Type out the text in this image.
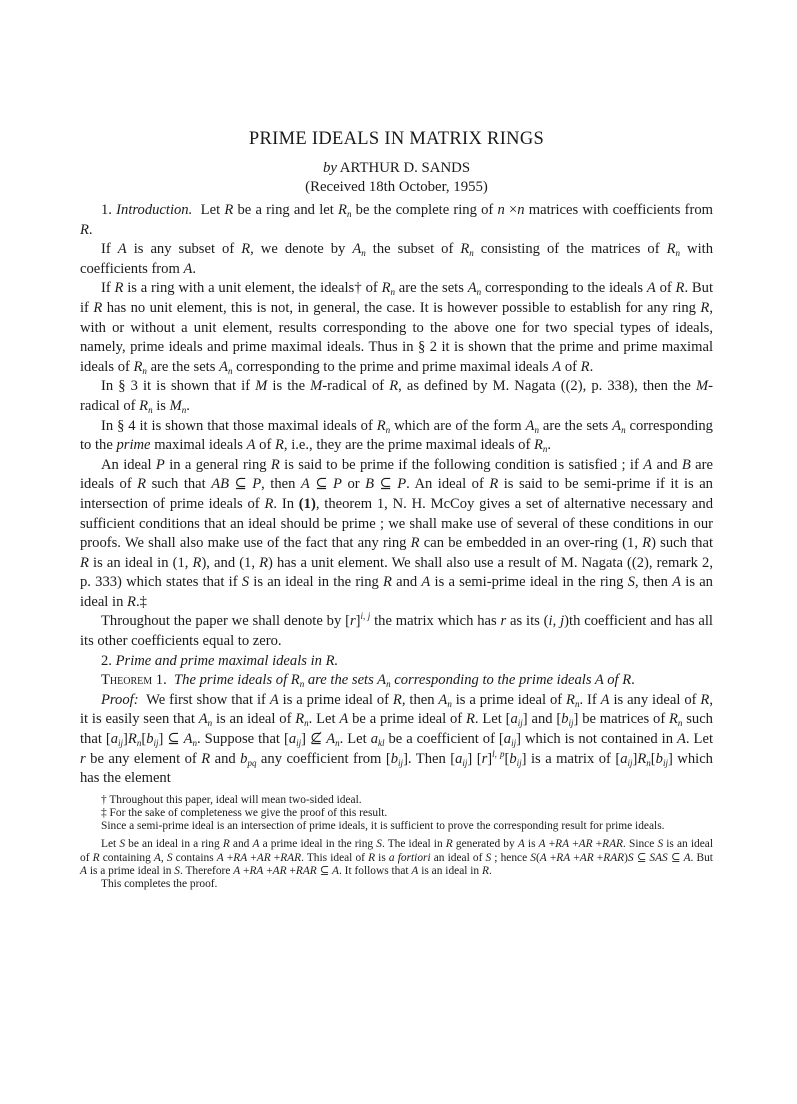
PRIME IDEALS IN MATRIX RINGS
by ARTHUR D. SANDS
(Received 18th October, 1955)

1. Introduction.  Let R be a ring and let $R_n$ be the complete ring of n ×n matrices with coefficients from R.

If A is any subset of R, we denote by $A_n$ the subset of $R_n$ consisting of the matrices of $R_n$ with coefficients from A.

If R is a ring with a unit element, the ideals† of $R_n$ are the sets $A_n$ corresponding to the ideals A of R. But if R has no unit element, this is not, in general, the case. It is however possible to establish for any ring R, with or without a unit element, results corresponding to the above one for two special types of ideals, namely, prime ideals and prime maximal ideals. Thus in § 2 it is shown that the prime and prime maximal ideals of $R_n$ are the sets $A_n$ corresponding to the prime and prime maximal ideals A of R.

In § 3 it is shown that if M is the M-radical of R, as defined by M. Nagata ((2), p. 338), then the M-radical of $R_n$ is $M_n$.

In § 4 it is shown that those maximal ideals of $R_n$ which are of the form $A_n$ are the sets $A_n$ corresponding to the prime maximal ideals A of R, i.e., they are the prime maximal ideals of $R_n$.

An ideal P in a general ring R is said to be prime if the following condition is satisfied ; if A and B are ideals of R such that AB ⊆ P, then A ⊆ P or B ⊆ P. An ideal of R is said to be semi-prime if it is an intersection of prime ideals of R. In (1), theorem 1, N. H. McCoy gives a set of alternative necessary and sufficient conditions that an ideal should be prime ; we shall make use of several of these conditions in our proofs. We shall also make use of the fact that any ring R can be embedded in an over-ring (1, R) such that R is an ideal in (1, R), and (1, R) has a unit element. We shall also use a result of M. Nagata ((2), remark 2, p. 333) which states that if S is an ideal in the ring R and A is a semi-prime ideal in the ring S, then A is an ideal in R.‡

Throughout the paper we shall denote by $[r]^{i, j}$ the matrix which has r as its (i, j)th coefficient and has all its other coefficients equal to zero.

2. Prime and prime maximal ideals in R.

Theorem 1. The prime ideals of $R_n$ are the sets $A_n$ corresponding to the prime ideals A of R.

Proof:  We first show that if A is a prime ideal of R, then $A_n$ is a prime ideal of $R_n$. If A is any ideal of R, it is easily seen that $A_n$ is an ideal of $R_n$. Let A be a prime ideal of R. Let $[a_{ij}]$ and $[b_{ij}]$ be matrices of $R_n$ such that $[a_{ij}]R_n[b_{ij}]$ ⊆ $A_n$. Suppose that $[a_{ij}]$ ⊈ $A_n$. Let $a_{kl}$ be a coefficient of $[a_{ij}]$ which is not contained in A. Let r be any element of R and $b_{pq}$ any coefficient from $[b_{ij}]$. Then $[a_{ij}]$ $[r]^{l, p}[b_{ij}]$ is a matrix of $[a_{ij}]R_n[b_{ij}]$ which has the element

† Throughout this paper, ideal will mean two-sided ideal.

‡ For the sake of completeness we give the proof of this result.

Since a semi-prime ideal is an intersection of prime ideals, it is sufficient to prove the corresponding result for prime ideals.

Let S be an ideal in a ring R and A a prime ideal in the ring S. The ideal in R generated by A is A +RA +AR +RAR. Since S is an ideal of R containing A, S contains A +RA +AR +RAR. This ideal of R is a fortiori an ideal of S ; hence S(A +RA +AR +RAR)S ⊆ SAS ⊆ A. But A is a prime ideal in S. Therefore A +RA +AR +RAR ⊆ A. It follows that A is an ideal in R.

This completes the proof.
